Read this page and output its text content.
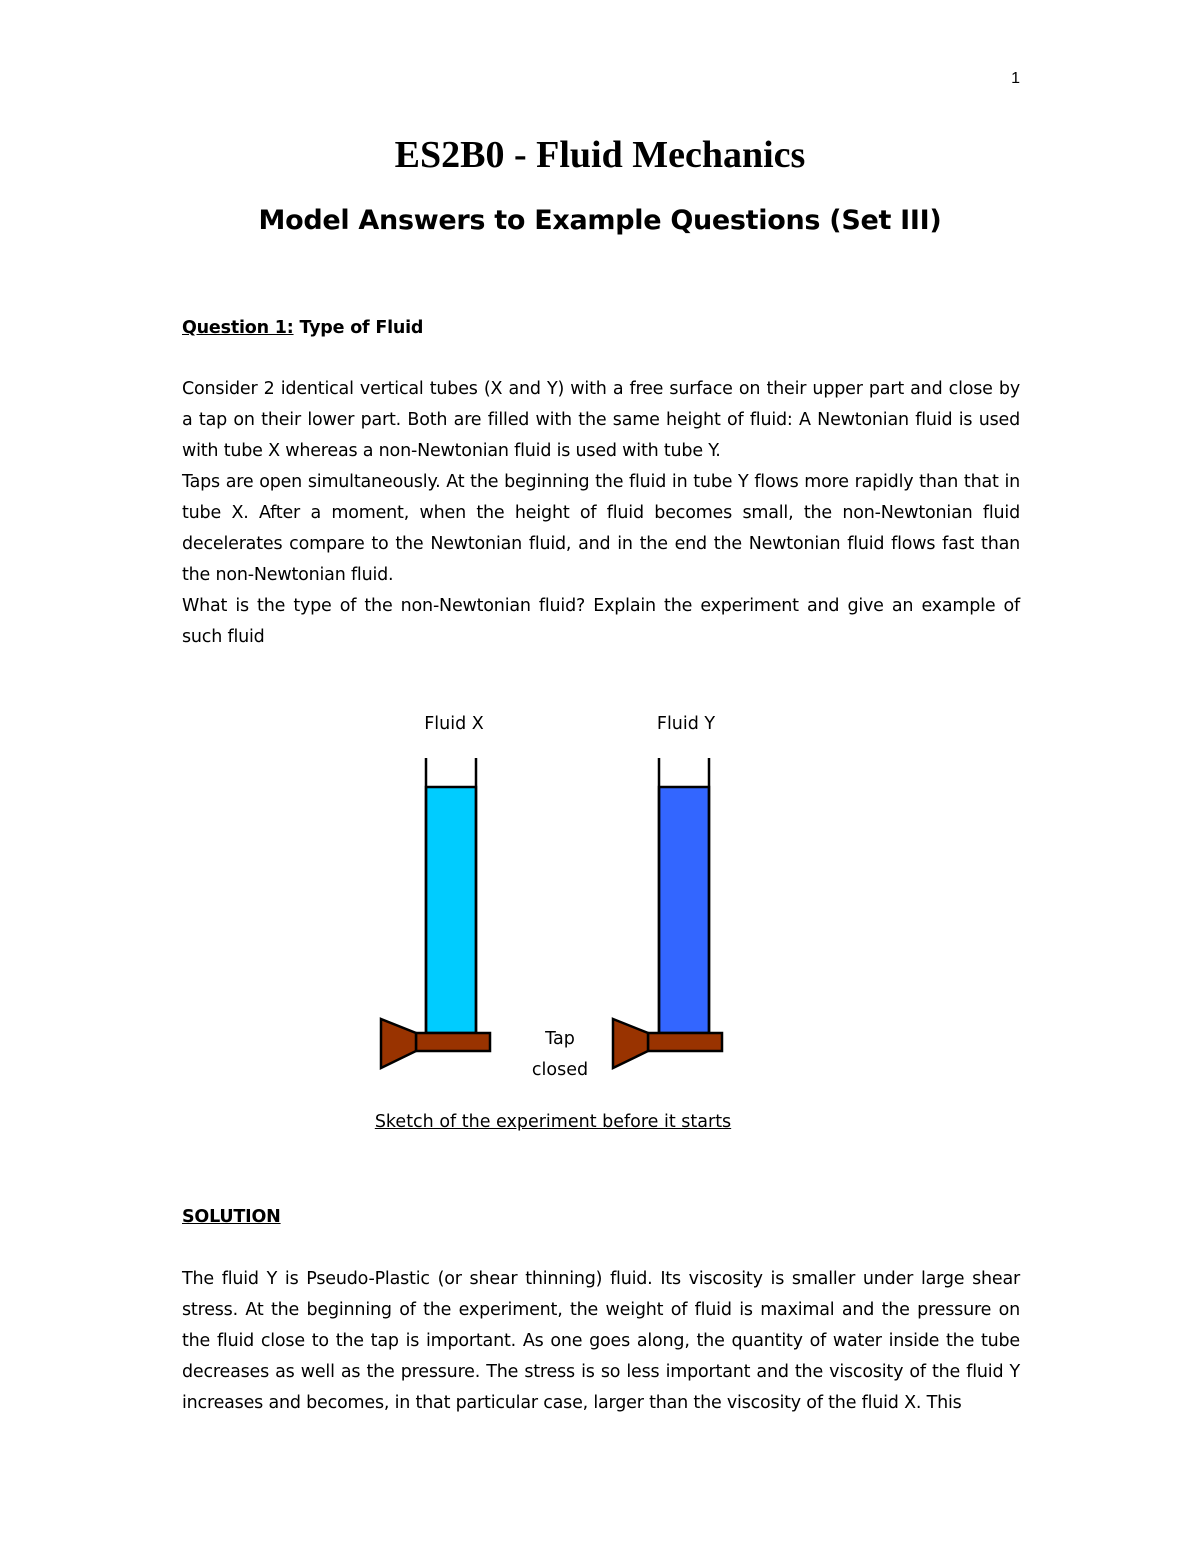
1
ES2B0 - Fluid Mechanics
Model Answers to Example Questions (Set III)
Question 1: Type of Fluid

Consider 2 identical vertical tubes (X and Y) with a free surface on their upper part and close by a tap on their lower part. Both are filled with the same height of fluid: A Newtonian fluid is used with tube X whereas a non-Newtonian fluid is used with tube Y.

Taps are open simultaneously. At the beginning the fluid in tube Y flows more rapidly than that in tube X. After a moment, when the height of fluid becomes small, the non-Newtonian fluid decelerates compare to the Newtonian fluid, and in the end the Newtonian fluid flows fast than the non-Newtonian fluid.

What is the type of the non-Newtonian fluid? Explain the experiment and give an example of such fluid

Fluid X	Fluid Y
Tap
closed
Sketch of the experiment before it starts
SOLUTION

The fluid Y is Pseudo-Plastic (or shear thinning) fluid. Its viscosity is smaller under large shear stress. At the beginning of the experiment, the weight of fluid is maximal and the pressure on the fluid close to the tap is important. As one goes along, the quantity of water inside the tube decreases as well as the pressure. The stress is so less important and the viscosity of the fluid Y increases and becomes, in that particular case, larger than the viscosity of the fluid X. This
